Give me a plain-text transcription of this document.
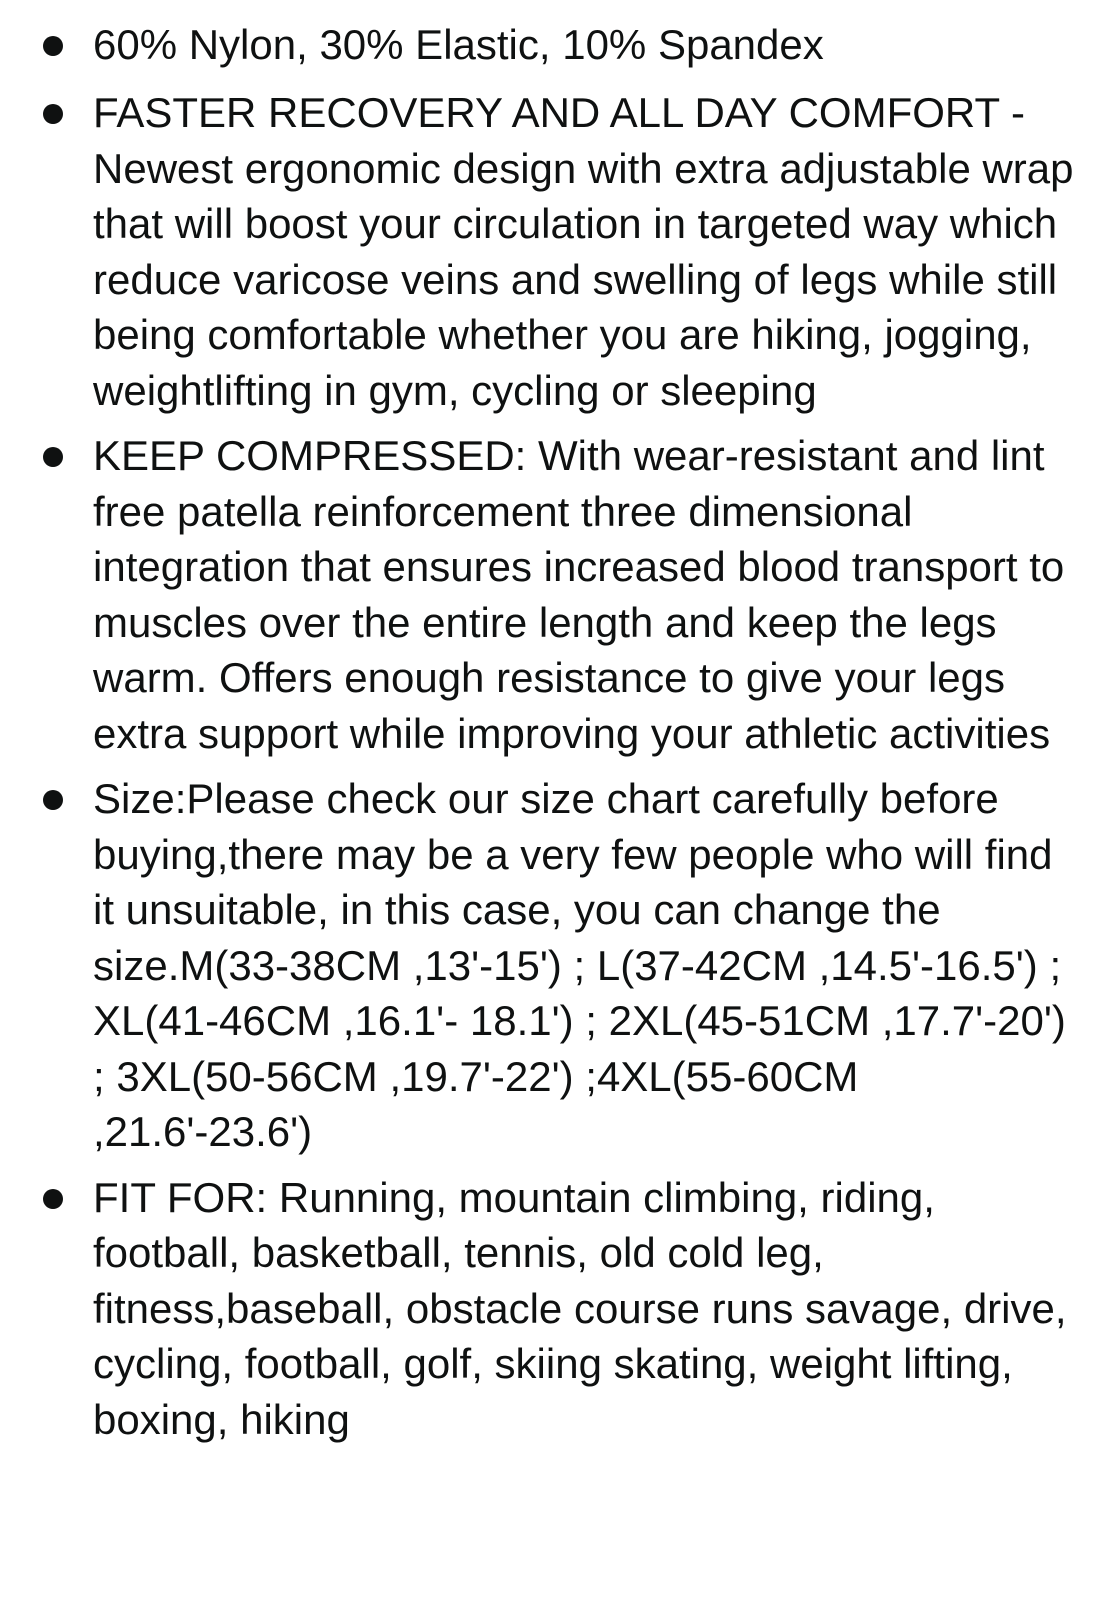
60% Nylon, 30% Elastic, 10% Spandex
FASTER RECOVERY AND ALL DAY COMFORT - Newest ergonomic design with extra adjustable wrap that will boost your circulation in targeted way which reduce varicose veins and swelling of legs while still being comfortable whether you are hiking, jogging, weightlifting in gym, cycling or sleeping
KEEP COMPRESSED: With wear-resistant and lint free patella reinforcement three dimensional integration that ensures increased blood transport to muscles over the entire length and keep the legs warm. Offers enough resistance to give your legs extra support while improving your athletic activities
Size:Please check our size chart carefully before buying,there may be a very few people who will find it unsuitable, in this case, you can change the size.M(33-38CM ,13'-15') ; L(37-42CM ,14.5'-16.5') ; XL(41-46CM ,16.1'- 18.1') ; 2XL(45-51CM ,17.7'-20') ; 3XL(50-56CM ,19.7'-22') ;4XL(55-60CM ,21.6'-23.6')
FIT FOR: Running, mountain climbing, riding, football, basketball, tennis, old cold leg, fitness,baseball, obstacle course runs savage, drive, cycling, football, golf, skiing skating, weight lifting, boxing, hiking
